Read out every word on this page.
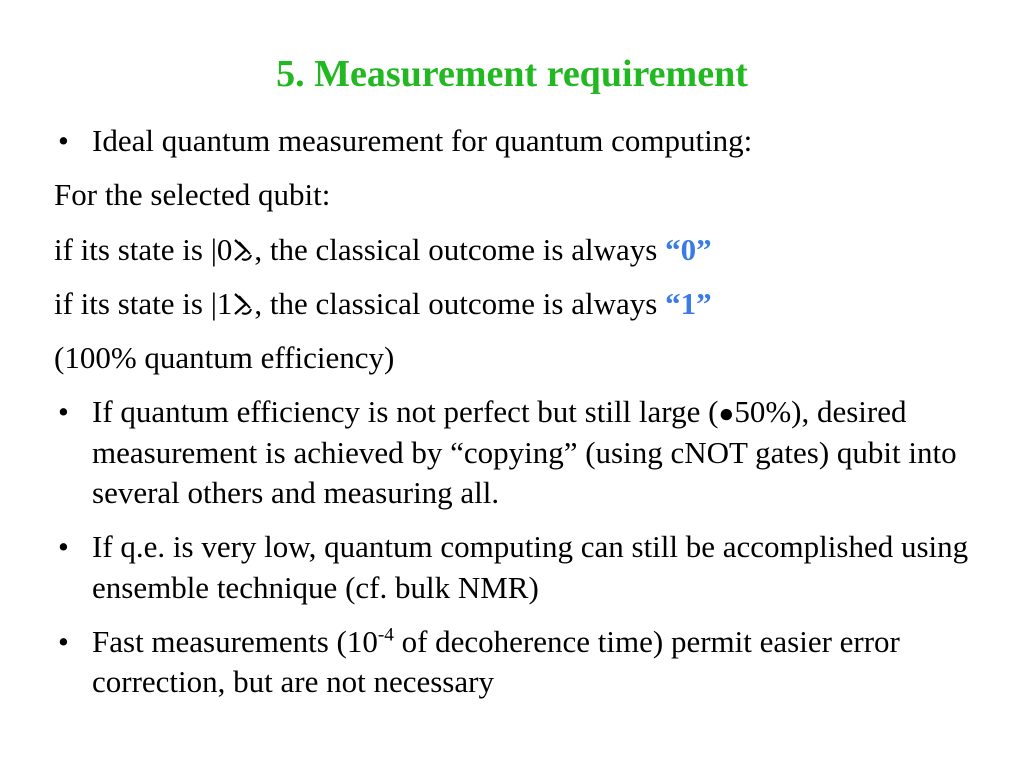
5. Measurement requirement
• Ideal quantum measurement for quantum computing:
For the selected qubit:
if its state is |0 , the classical outcome is always “0”
if its state is |1 , the classical outcome is always “1”
(100% quantum efficiency)
• If quantum efficiency is not perfect but still large (●50%), desired measurement is achieved by “copying” (using cNOT gates) qubit into several others and measuring all.
• If q.e. is very low, quantum computing can still be accomplished using ensemble technique (cf. bulk NMR)
• Fast measurements ($10^{-4}$ of decoherence time) permit easier error correction, but are not necessary
